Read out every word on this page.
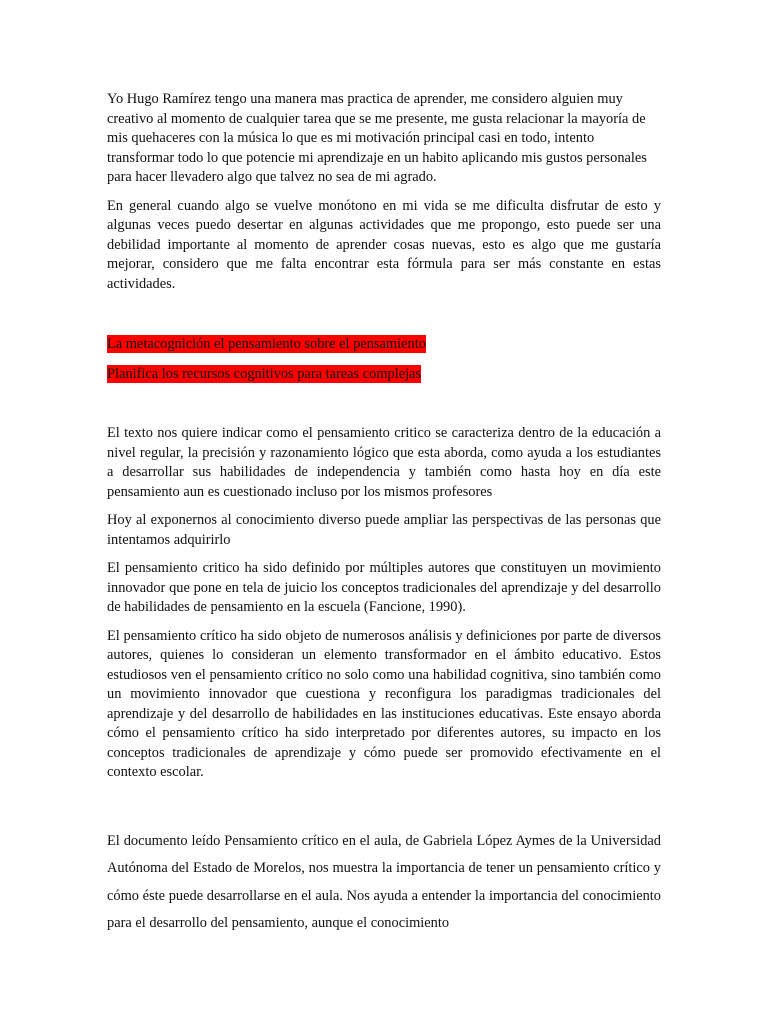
Yo Hugo Ramírez tengo una manera mas practica de aprender, me considero alguien muy creativo al momento de cualquier tarea que se me presente, me gusta relacionar la mayoría de mis quehaceres con la música lo que es mi motivación principal casi en todo, intento transformar todo lo que potencie mi aprendizaje en un habito aplicando mis gustos personales para hacer llevadero algo que talvez no sea de mi agrado.

En general cuando algo se vuelve monótono en mi vida se me dificulta disfrutar de esto y algunas veces puedo desertar en algunas actividades que me propongo, esto puede ser una debilidad importante al momento de aprender cosas nuevas, esto es algo que me gustaría mejorar, considero que me falta encontrar esta fórmula para ser más constante en estas actividades.

La metacognición el pensamiento sobre el pensamiento

Planifica los recursos cognitivos para tareas complejas

El texto nos quiere indicar como el pensamiento critico se caracteriza dentro de la educación a nivel regular, la precisión y razonamiento lógico que esta aborda, como ayuda a los estudiantes a desarrollar sus habilidades de independencia y también como hasta hoy en día este pensamiento aun es cuestionado incluso por los mismos profesores

Hoy al exponernos al conocimiento diverso puede ampliar las perspectivas de las personas que intentamos adquirirlo

El pensamiento critico ha sido definido por múltiples autores que constituyen un movimiento innovador que pone en tela de juicio los conceptos tradicionales del aprendizaje y del desarrollo de habilidades de pensamiento en la escuela (Fancione, 1990).

El pensamiento crítico ha sido objeto de numerosos análisis y definiciones por parte de diversos autores, quienes lo consideran un elemento transformador en el ámbito educativo. Estos estudiosos ven el pensamiento crítico no solo como una habilidad cognitiva, sino también como un movimiento innovador que cuestiona y reconfigura los paradigmas tradicionales del aprendizaje y del desarrollo de habilidades en las instituciones educativas. Este ensayo aborda cómo el pensamiento crítico ha sido interpretado por diferentes autores, su impacto en los conceptos tradicionales de aprendizaje y cómo puede ser promovido efectivamente en el contexto escolar.

El documento leído Pensamiento crítico en el aula, de Gabriela López Aymes de la Universidad Autónoma del Estado de Morelos, nos muestra la importancia de tener un pensamiento crítico y cómo éste puede desarrollarse en el aula. Nos ayuda a entender la importancia del conocimiento para el desarrollo del pensamiento, aunque el conocimiento
